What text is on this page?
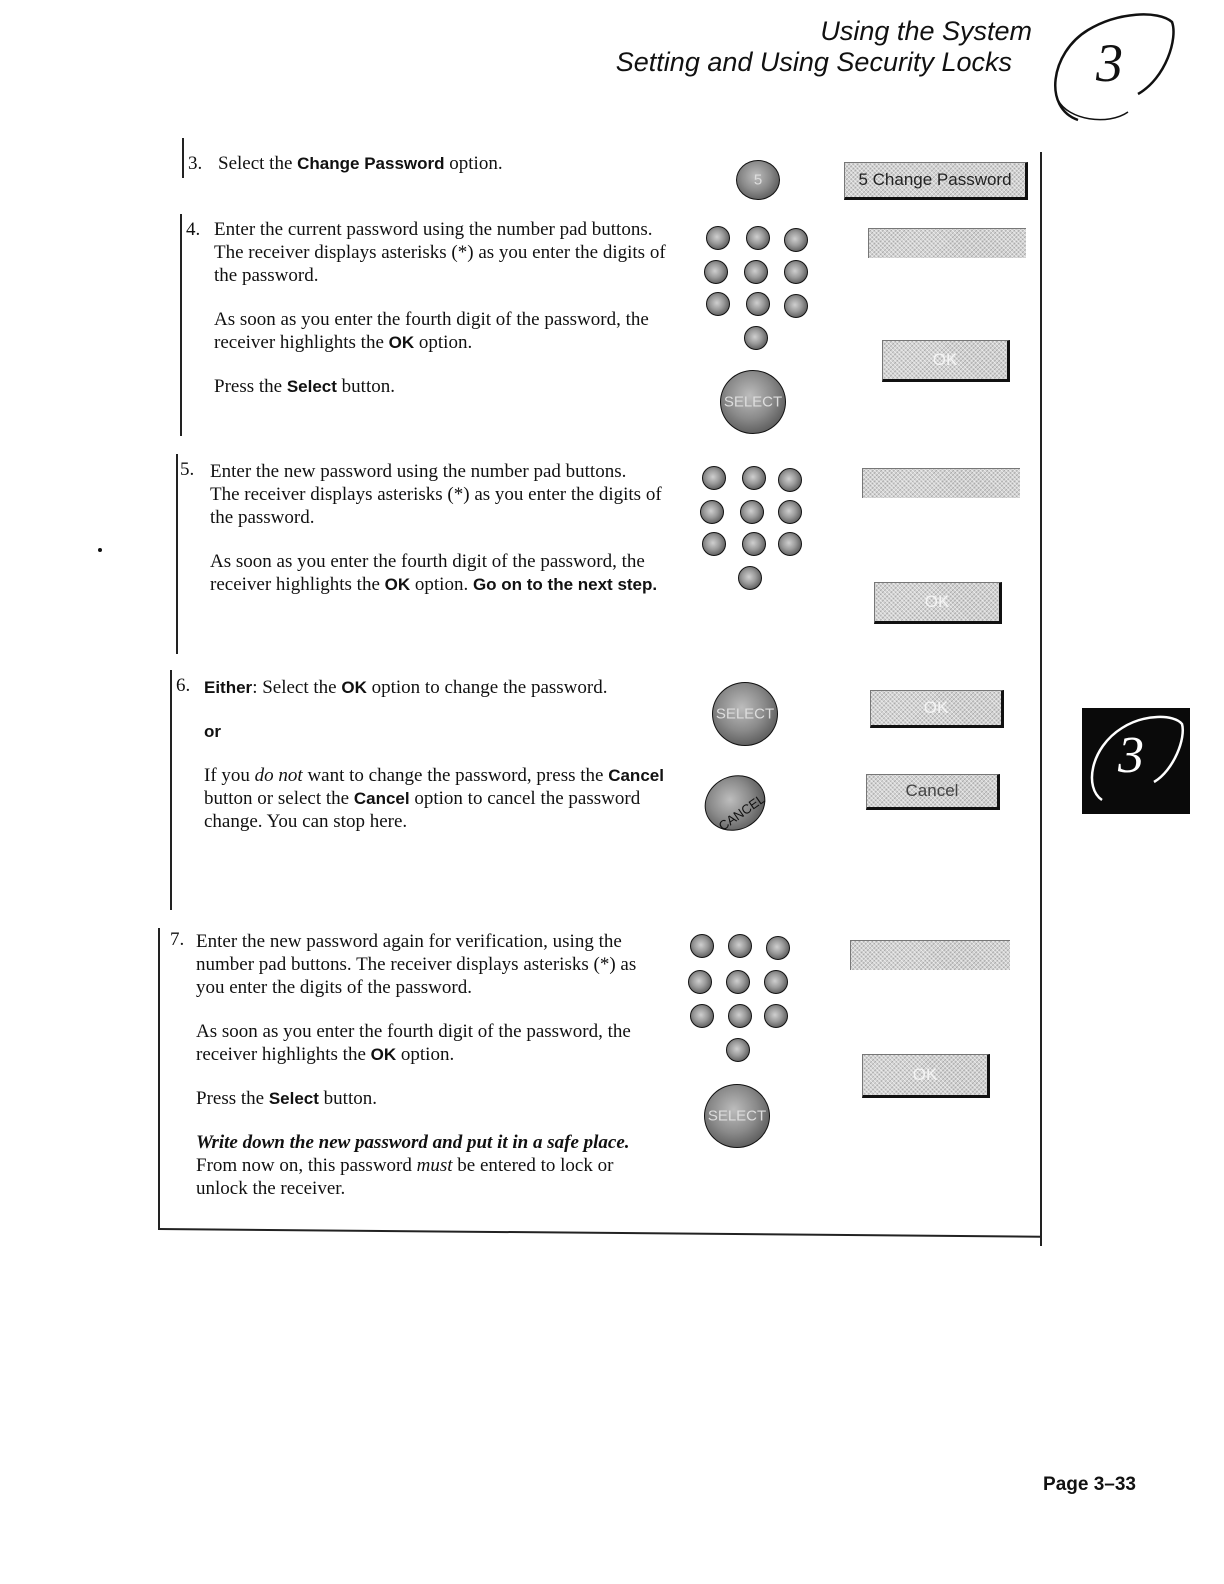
Using the System
Setting and Using Security Locks 3
3
3. Select the Change Password option.
4. Enter the current password using the number pad buttons.

The receiver displays asterisks (*) as you enter the digits of the password.

As soon as you enter the fourth digit of the password, the receiver highlights the OK option.

Press the Select button.

5. Enter the new password using the number pad buttons.

The receiver displays asterisks (*) as you enter the digits of the password.

As soon as you enter the fourth digit of the password, the receiver highlights the OK option. Go on to the next step.

6. Either: Select the OK option to change the password.

or

If you do not want to change the password, press the Cancel button or select the Cancel option to cancel the password change. You can stop here.

7. Enter the new password again for verification, using the number pad buttons. The receiver displays asterisks (*) as you enter the digits of the password.

As soon as you enter the fourth digit of the password, the receiver highlights the OK option.

Press the Select button.

Write down the new password and put it in a safe place. From now on, this password must be entered to lock or unlock the receiver.

5
SELECT
SELECT
CANCEL
SELECT
5 Change Password
OK
OK
OK
Cancel
OK
Page 3–33
